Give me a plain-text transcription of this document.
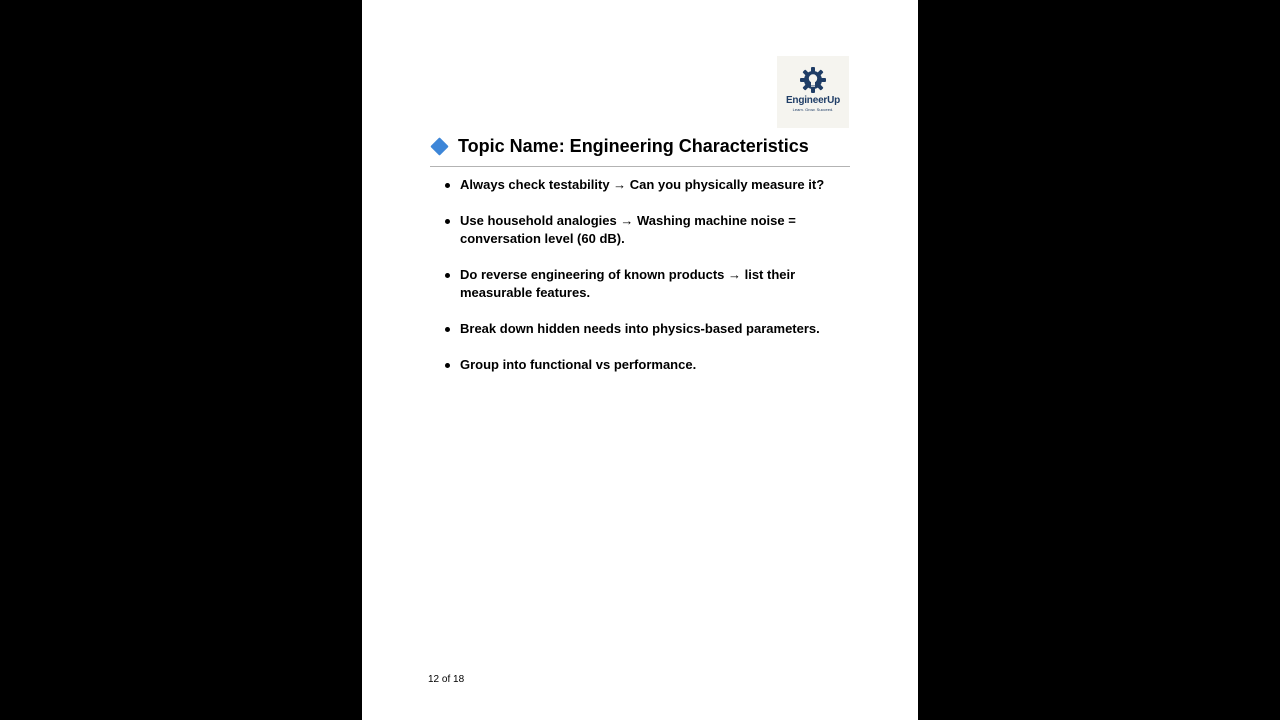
EngineerUp
Learn. Grow. Succeed.
Topic Name: Engineering Characteristics
Always check testability → Can you physically measure it?
Use household analogies → Washing machine noise = conversation level (60 dB).
Do reverse engineering of known products → list their measurable features.
Break down hidden needs into physics-based parameters.
Group into functional vs performance.
12 of 18
